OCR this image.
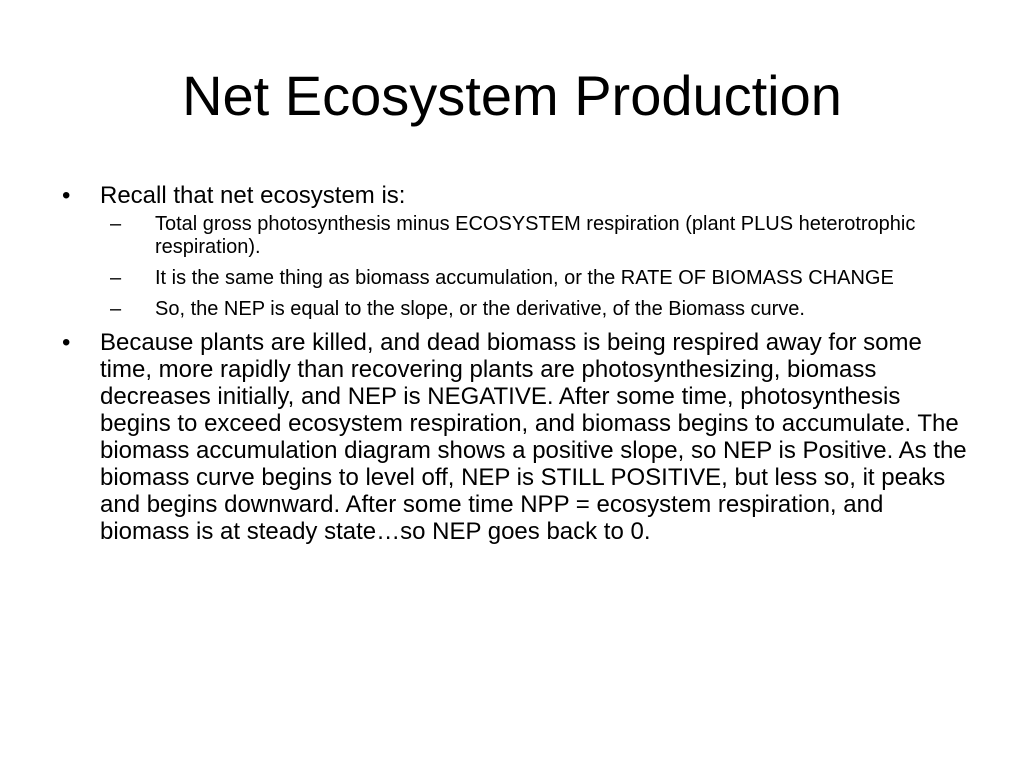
Net Ecosystem Production
• Recall that net ecosystem is:
– Total gross photosynthesis minus ECOSYSTEM respiration (plant PLUS heterotrophic respiration).
– It is the same thing as biomass accumulation, or the RATE OF BIOMASS CHANGE
– So, the NEP is equal to the slope, or the derivative, of the Biomass curve.
• Because plants are killed, and dead biomass is being respired away for some time, more rapidly than recovering plants are photosynthesizing, biomass decreases initially, and NEP is NEGATIVE. After some time, photosynthesis begins to exceed ecosystem respiration, and biomass begins to accumulate. The biomass accumulation diagram shows a positive slope, so NEP is Positive. As the biomass curve begins to level off, NEP is STILL POSITIVE, but less so, it peaks and begins downward. After some time NPP = ecosystem respiration, and biomass is at steady state…so NEP goes back to 0.
